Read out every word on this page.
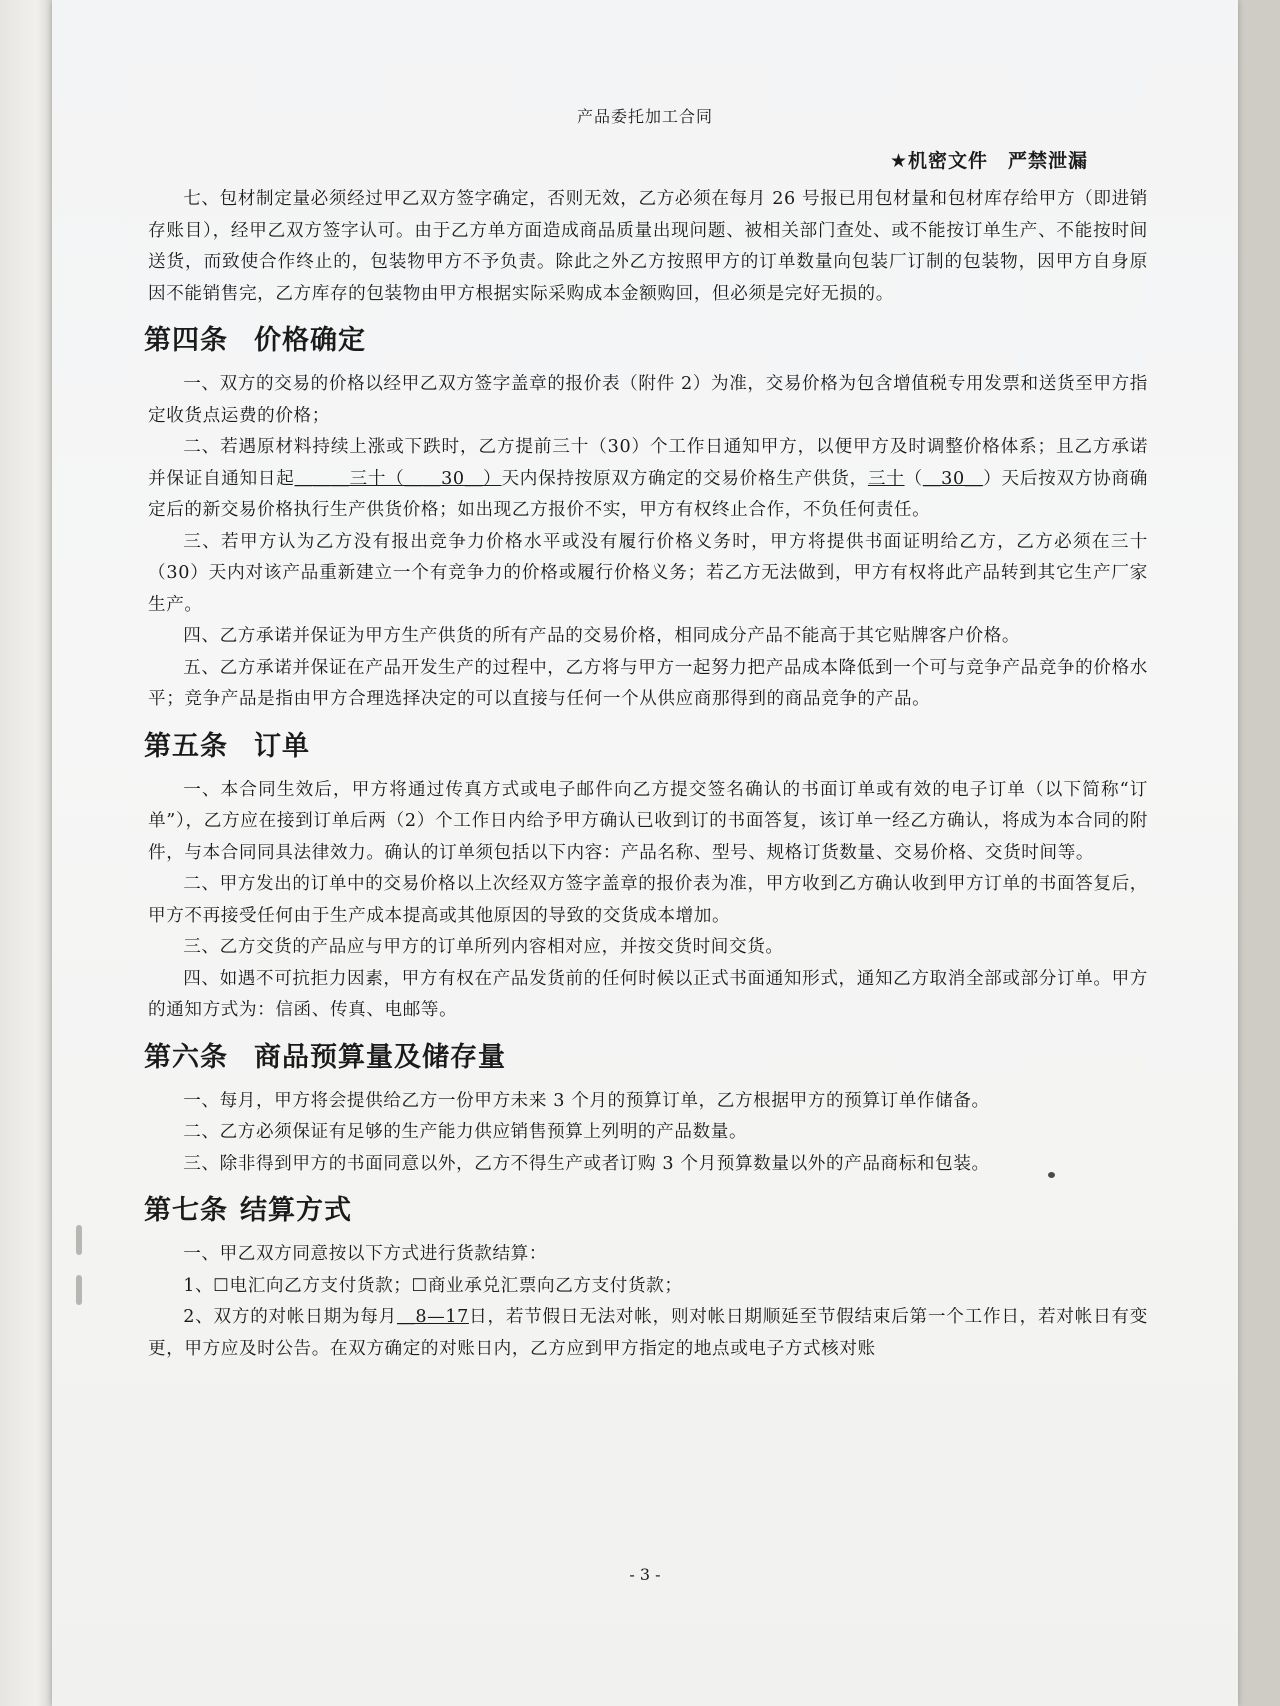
产品委托加工合同
★机密文件　严禁泄漏

七、包材制定量必须经过甲乙双方签字确定，否则无效，乙方必须在每月 26 号报已用包材量和包材库存给甲方（即进销存账目），经甲乙双方签字认可。由于乙方单方面造成商品质量出现问题、被相关部门查处、或不能按订单生产、不能按时间送货，而致使合作终止的，包装物甲方不予负责。除此之外乙方按照甲方的订单数量向包装厂订制的包装物，因甲方自身原因不能销售完，乙方库存的包装物由甲方根据实际采购成本金额购回，但必须是完好无损的。

第四条 价格确定

一、双方的交易的价格以经甲乙双方签字盖章的报价表（附件 2）为准，交易价格为包含增值税专用发票和送货至甲方指定收货点运费的价格；

二、若遇原材料持续上涨或下跌时，乙方提前三十（30）个工作日通知甲方，以便甲方及时调整价格体系；且乙方承诺并保证自通知日起＿＿＿三十（＿＿30＿）天内保持按原双方确定的交易价格生产供货，三十（＿30＿）天后按双方协商确定后的新交易价格执行生产供货价格；如出现乙方报价不实，甲方有权终止合作，不负任何责任。

三、若甲方认为乙方没有报出竞争力价格水平或没有履行价格义务时，甲方将提供书面证明给乙方，乙方必须在三十（30）天内对该产品重新建立一个有竞争力的价格或履行价格义务；若乙方无法做到，甲方有权将此产品转到其它生产厂家生产。

四、乙方承诺并保证为甲方生产供货的所有产品的交易价格，相同成分产品不能高于其它贴牌客户价格。

五、乙方承诺并保证在产品开发生产的过程中，乙方将与甲方一起努力把产品成本降低到一个可与竞争产品竞争的价格水平；竞争产品是指由甲方合理选择决定的可以直接与任何一个从供应商那得到的商品竞争的产品。

第五条 订单

一、本合同生效后，甲方将通过传真方式或电子邮件向乙方提交签名确认的书面订单或有效的电子订单（以下简称“订单”），乙方应在接到订单后两（2）个工作日内给予甲方确认已收到订的书面答复，该订单一经乙方确认，将成为本合同的附件，与本合同同具法律效力。确认的订单须包括以下内容：产品名称、型号、规格订货数量、交易价格、交货时间等。

二、甲方发出的订单中的交易价格以上次经双方签字盖章的报价表为准，甲方收到乙方确认收到甲方订单的书面答复后，甲方不再接受任何由于生产成本提高或其他原因的导致的交货成本增加。

三、乙方交货的产品应与甲方的订单所列内容相对应，并按交货时间交货。

四、如遇不可抗拒力因素，甲方有权在产品发货前的任何时候以正式书面通知形式，通知乙方取消全部或部分订单。甲方的通知方式为：信函、传真、电邮等。

第六条 商品预算量及储存量

一、每月，甲方将会提供给乙方一份甲方未来 3 个月的预算订单，乙方根据甲方的预算订单作储备。

二、乙方必须保证有足够的生产能力供应销售预算上列明的产品数量。

三、除非得到甲方的书面同意以外，乙方不得生产或者订购 3 个月预算数量以外的产品商标和包装。

第七条 结算方式

一、甲乙双方同意按以下方式进行货款结算：

1、☐电汇向乙方支付货款；☐商业承兑汇票向乙方支付货款；

2、双方的对帐日期为每月＿8—17日，若节假日无法对帐，则对帐日期顺延至节假结束后第一个工作日，若对帐日有变更，甲方应及时公告。在双方确定的对账日内，乙方应到甲方指定的地点或电子方式核对账

- 3 -
